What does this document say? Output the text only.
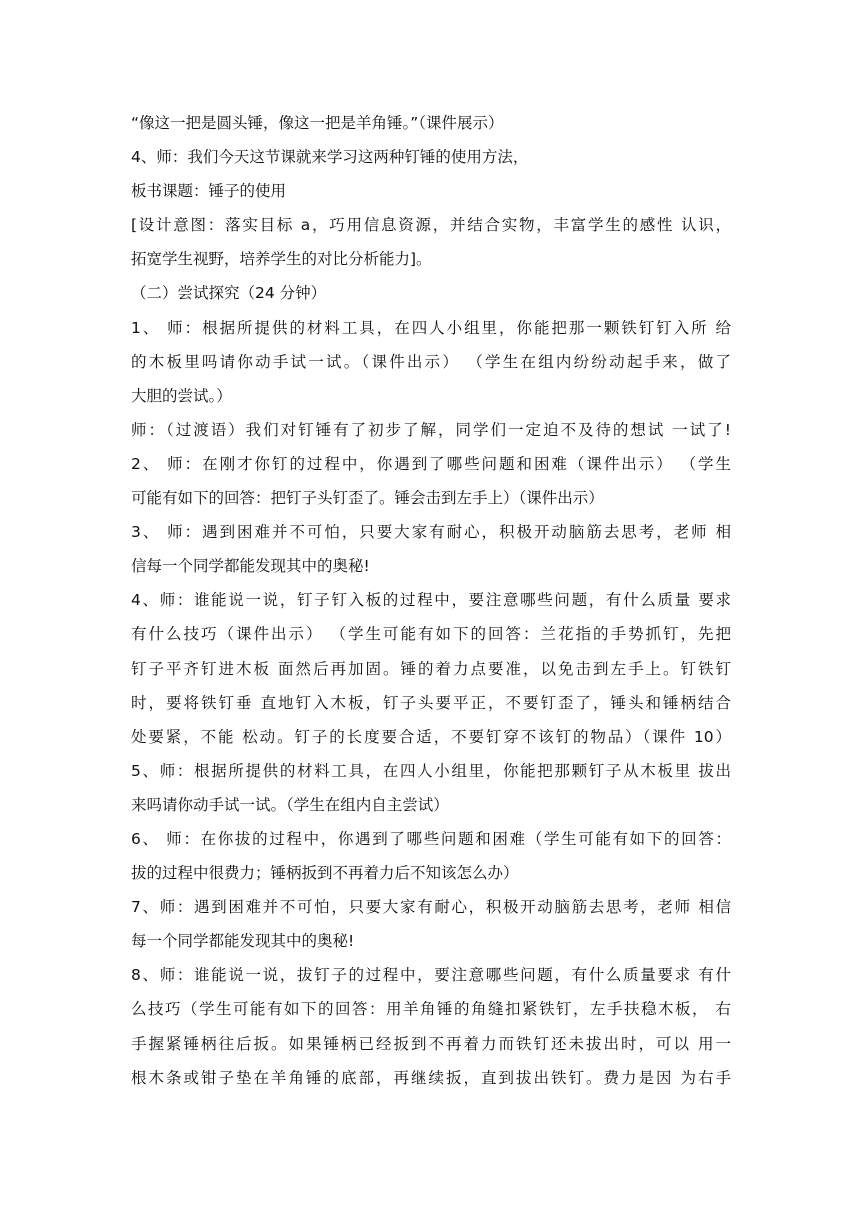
“像这一把是圆头锤，像这一把是羊角锤。”（课件展示）
4、师：我们今天这节课就来学习这两种钉锤的使用方法，
板书课题：锤子的使用
[设计意图：落实目标 a，巧用信息资源，并结合实物，丰富学生的感性 认识，
拓宽学生视野，培养学生的对比分析能力]。
（二）尝试探究（24 分钟）
1、 师：根据所提供的材料工具，在四人小组里，你能把那一颗铁钉钉入所 给
的木板里吗请你动手试一试。（课件出示） （学生在组内纷纷动起手来，做了
大胆的尝试。）
师：（过渡语）我们对钉锤有了初步了解，同学们一定迫不及待的想试 一试了!
2、 师：在刚才你钉的过程中，你遇到了哪些问题和困难（课件出示） （学生
可能有如下的回答：把钉子头钉歪了。锤会击到左手上）（课件出示）
3、 师：遇到困难并不可怕，只要大家有耐心，积极开动脑筋去思考，老师 相
信每一个同学都能发现其中的奥秘!
4、师：谁能说一说，钉子钉入板的过程中，要注意哪些问题，有什么质量 要求
有什么技巧（课件出示） （学生可能有如下的回答：兰花指的手势抓钉，先把
钉子平齐钉进木板 面然后再加固。锤的着力点要准，以免击到左手上。钉铁钉
时，要将铁钉垂 直地钉入木板，钉子头要平正，不要钉歪了，锤头和锤柄结合
处要紧，不能 松动。钉子的长度要合适，不要钉穿不该钉的物品）（课件 10）
5、师：根据所提供的材料工具，在四人小组里，你能把那颗钉子从木板里 拔出
来吗请你动手试一试。（学生在组内自主尝试）
6、 师：在你拔的过程中，你遇到了哪些问题和困难（学生可能有如下的回答：
拔的过程中很费力；锤柄扳到不再着力后不知该怎么办）
7、师：遇到困难并不可怕，只要大家有耐心，积极开动脑筋去思考，老师 相信
每一个同学都能发现其中的奥秘!
8、师：谁能说一说，拔钉子的过程中，要注意哪些问题，有什么质量要求 有什
么技巧（学生可能有如下的回答：用羊角锤的角缝扣紧铁钉，左手扶稳木板， 右
手握紧锤柄往后扳。如果锤柄已经扳到不再着力而铁钉还未拔出时，可以 用一
根木条或钳子垫在羊角锤的底部，再继续扳，直到拔出铁钉。费力是因 为右手
